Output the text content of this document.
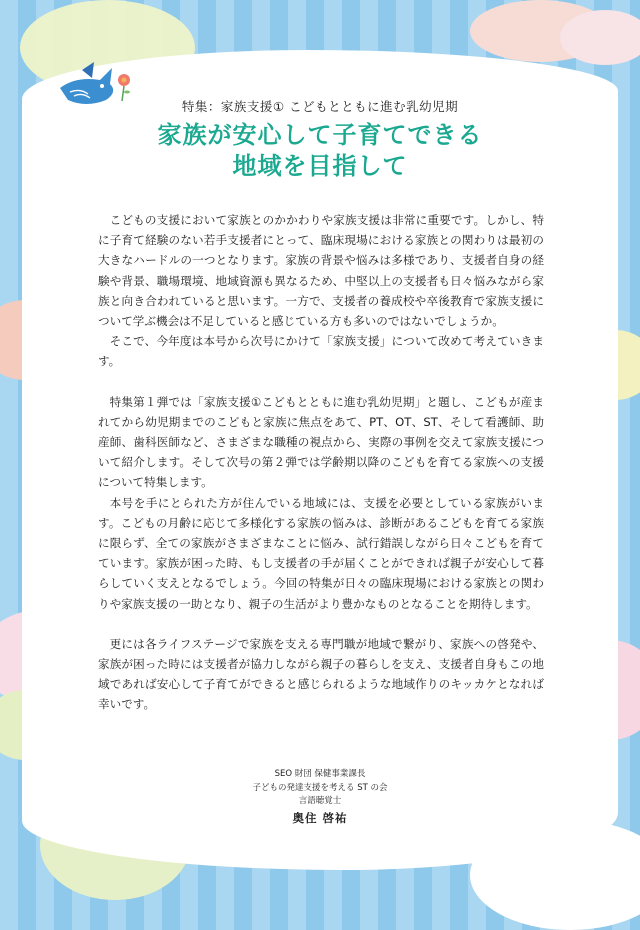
特集：家族支援① こどもとともに進む乳幼児期
家族が安心して子育てできる
地域を目指して

こどもの支援において家族とのかかわりや家族支援は非常に重要です。しかし、特に子育て経験のない若手支援者にとって、臨床現場における家族との関わりは最初の大きなハードルの一つとなります。家族の背景や悩みは多様であり、支援者自身の経験や背景、職場環境、地域資源も異なるため、中堅以上の支援者も日々悩みながら家族と向き合われていると思います。一方で、支援者の養成校や卒後教育で家族支援について学ぶ機会は不足していると感じている方も多いのではないでしょうか。

そこで、今年度は本号から次号にかけて「家族支援」について改めて考えていきます。

特集第１弾では「家族支援①こどもとともに進む乳幼児期」と題し、こどもが産まれてから幼児期までのこどもと家族に焦点をあて、PT、OT、ST、そして看護師、助産師、歯科医師など、さまざまな職種の視点から、実際の事例を交えて家族支援について紹介します。そして次号の第２弾では学齢期以降のこどもを育てる家族への支援について特集します。

本号を手にとられた方が住んでいる地域には、支援を必要としている家族がいます。こどもの月齢に応じて多様化する家族の悩みは、診断があるこどもを育てる家族に限らず、全ての家族がさまざまなことに悩み、試行錯誤しながら日々こどもを育てています。家族が困った時、もし支援者の手が届くことができれば親子が安心して暮らしていく支えとなるでしょう。今回の特集が日々の臨床現場における家族との関わりや家族支援の一助となり、親子の生活がより豊かなものとなることを期待します。

更には各ライフステージで家族を支える専門職が地域で繋がり、家族への啓発や、家族が困った時には支援者が協力しながら親子の暮らしを支え、支援者自身もこの地域であれば安心して子育てができると感じられるような地域作りのキッカケとなれば幸いです。

SEO 財団 保健事業課長
子どもの発達支援を考える ST の会
言語聴覚士
奥住 啓祐
